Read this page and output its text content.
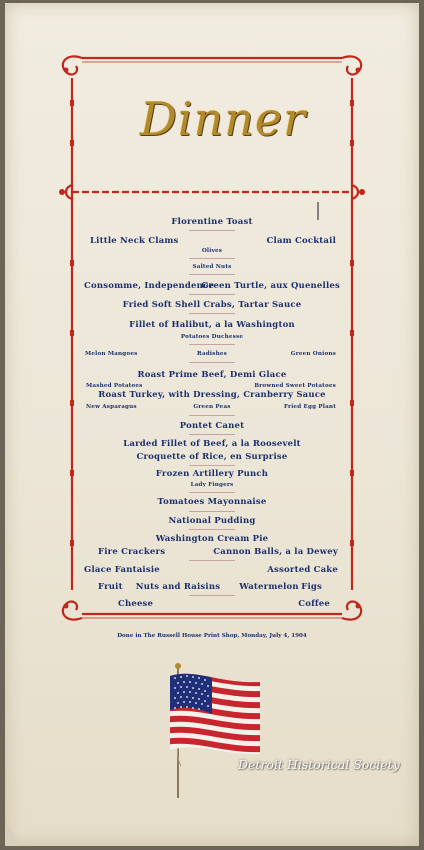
Dinner
Florentine Toast
Little Neck Clams	Clam Cocktail
Olives
Salted Nuts
Consomme, Independence
Green Turtle, aux Quenelles
Fried Soft Shell Crabs, Tartar Sauce
Fillet of Halibut, a la Washington
Potatoes Duchesse
Melon Mangoes	Radishes	Green Onions
Roast Prime Beef, Demi Glace
Mashed Potatoes	Browned Sweet Potatoes
Roast Turkey, with Dressing, Cranberry Sauce
New Asparagus	Green Peas	Fried Egg Plant
Pontet Canet
Larded Fillet of Beef, a la Roosevelt
Croquette of Rice, en Surprise
Frozen Artillery Punch
Lady Fingers
Tomatoes Mayonnaise
National Pudding
Washington Cream Pie
Fire Crackers	Cannon Balls, a la Dewey
Glace Fantaisie	Assorted Cake
Fruit Nuts and Raisins Watermelon Figs
Cheese	Coffee
Done in The Russell House Print Shop, Monday, July 4, 1904
Detroit Historical Society
